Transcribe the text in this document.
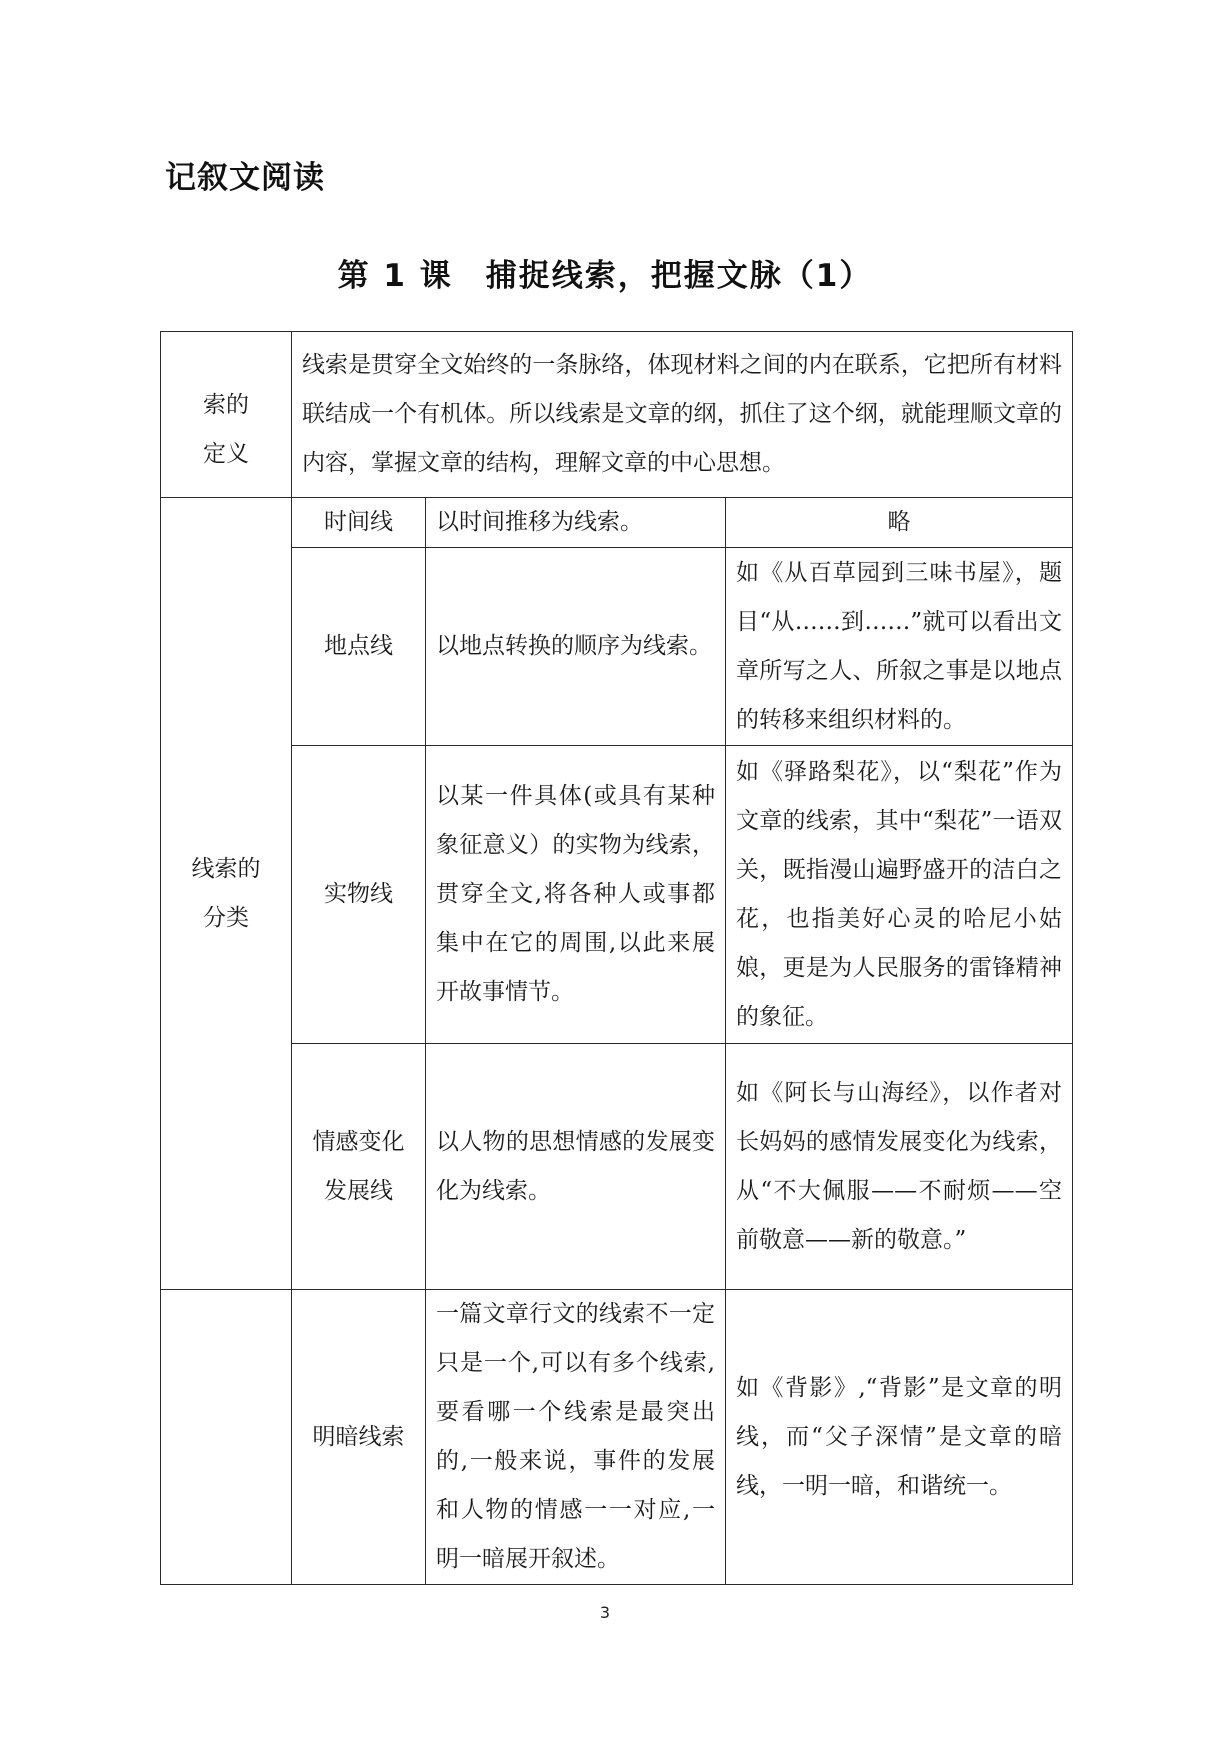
记叙文阅读
第 1 课　捕捉线索，把握文脉（1）
索的
定义	线索是贯穿全文始终的一条脉络，体现材料之间的内在联系，它把所有材料联结成一个有机体。所以线索是文章的纲，抓住了这个纲，就能理顺文章的内容，掌握文章的结构，理解文章的中心思想。		

线索的
分类	时间线	以时间推移为线索。	略
	地点线	以地点转换的顺序为线索。	如《从百草园到三味书屋》，题目“从……到……”就可以看出文章所写之人、所叙之事是以地点的转移来组织材料的。
	实物线	以某一件具体(或具有某种象征意义）的实物为线索，贯穿全文,将各种人或事都集中在它的周围,以此来展开故事情节。	如《驿路梨花》，以“梨花”作为文章的线索，其中“梨花”一语双关，既指漫山遍野盛开的洁白之花，也指美好心灵的哈尼小姑娘，更是为人民服务的雷锋精神的象征。

	情感变化
发展线	以人物的思想情感的发展变化为线索。	如《阿长与山海经》，以作者对长妈妈的感情发展变化为线索，从“不大佩服——不耐烦——空前敬意——新的敬意。”
	明暗线索	一篇文章行文的线索不一定只是一个,可以有多个线索,要看哪一个线索是最突出的,一般来说，事件的发展和人物的情感一一对应,一明一暗展开叙述。	如《背影》,“背影”是文章的明线，而“父子深情”是文章的暗线，一明一暗，和谐统一。
3
